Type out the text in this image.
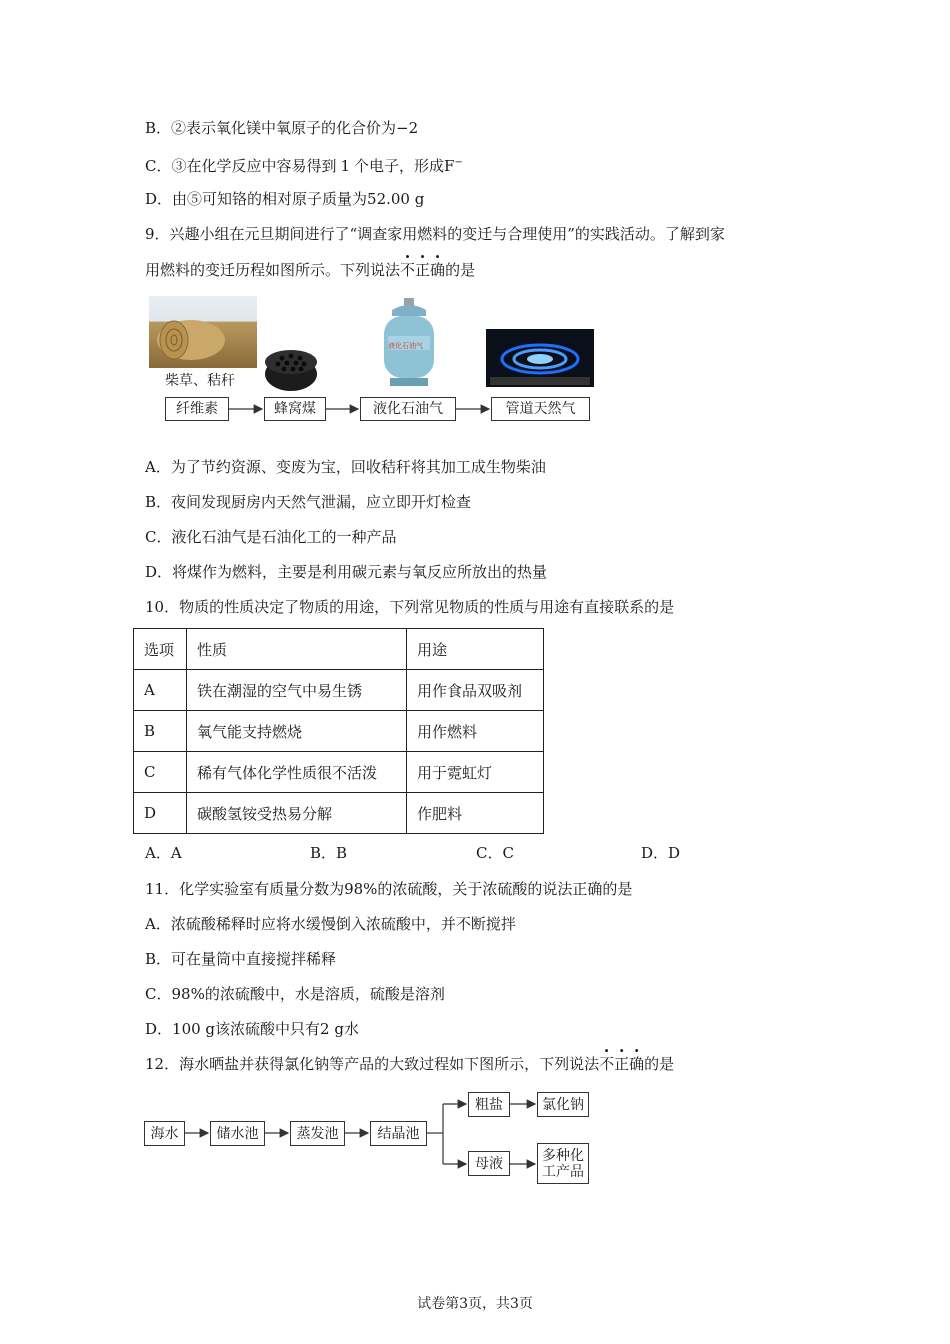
B．②表示氧化镁中氧原子的化合价为−2
C．③在化学反应中容易得到 1 个电子，形成F−
D．由⑤可知铬的相对原子质量为52.00 g
9．兴趣小组在元旦期间进行了“调查家用燃料的变迁与合理使用”的实践活动。了解到家
用燃料的变迁历程如图所示。下列说法不正确的是
柴草、秸秆
液化石油气
纤维素	蜂窝煤	液化石油气	管道天然气
A．为了节约资源、变废为宝，回收秸秆将其加工成生物柴油
B．夜间发现厨房内天然气泄漏，应立即开灯检查
C．液化石油气是石油化工的一种产品
D．将煤作为燃料，主要是利用碳元素与氧反应所放出的热量
10．物质的性质决定了物质的用途，下列常见物质的性质与用途有直接联系的是
选项	性质	用途
A	铁在潮湿的空气中易生锈	用作食品双吸剂
B	氧气能支持燃烧	用作燃料
C	稀有气体化学性质很不活泼	用于霓虹灯
D	碳酸氢铵受热易分解	作肥料
A．A	B．B	C．C	D．D
11．化学实验室有质量分数为98%的浓硫酸，关于浓硫酸的说法正确的是
A．浓硫酸稀释时应将水缓慢倒入浓硫酸中，并不断搅拌
B．可在量筒中直接搅拌稀释
C．98%的浓硫酸中，水是溶质，硫酸是溶剂
D．100 g该浓硫酸中只有2 g水
12．海水晒盐并获得氯化钠等产品的大致过程如下图所示，下列说法不正确的是
海水	储水池	蒸发池	结晶池
粗盐	氯化钠
母液	多种化工产品
试卷第3页，共3页
